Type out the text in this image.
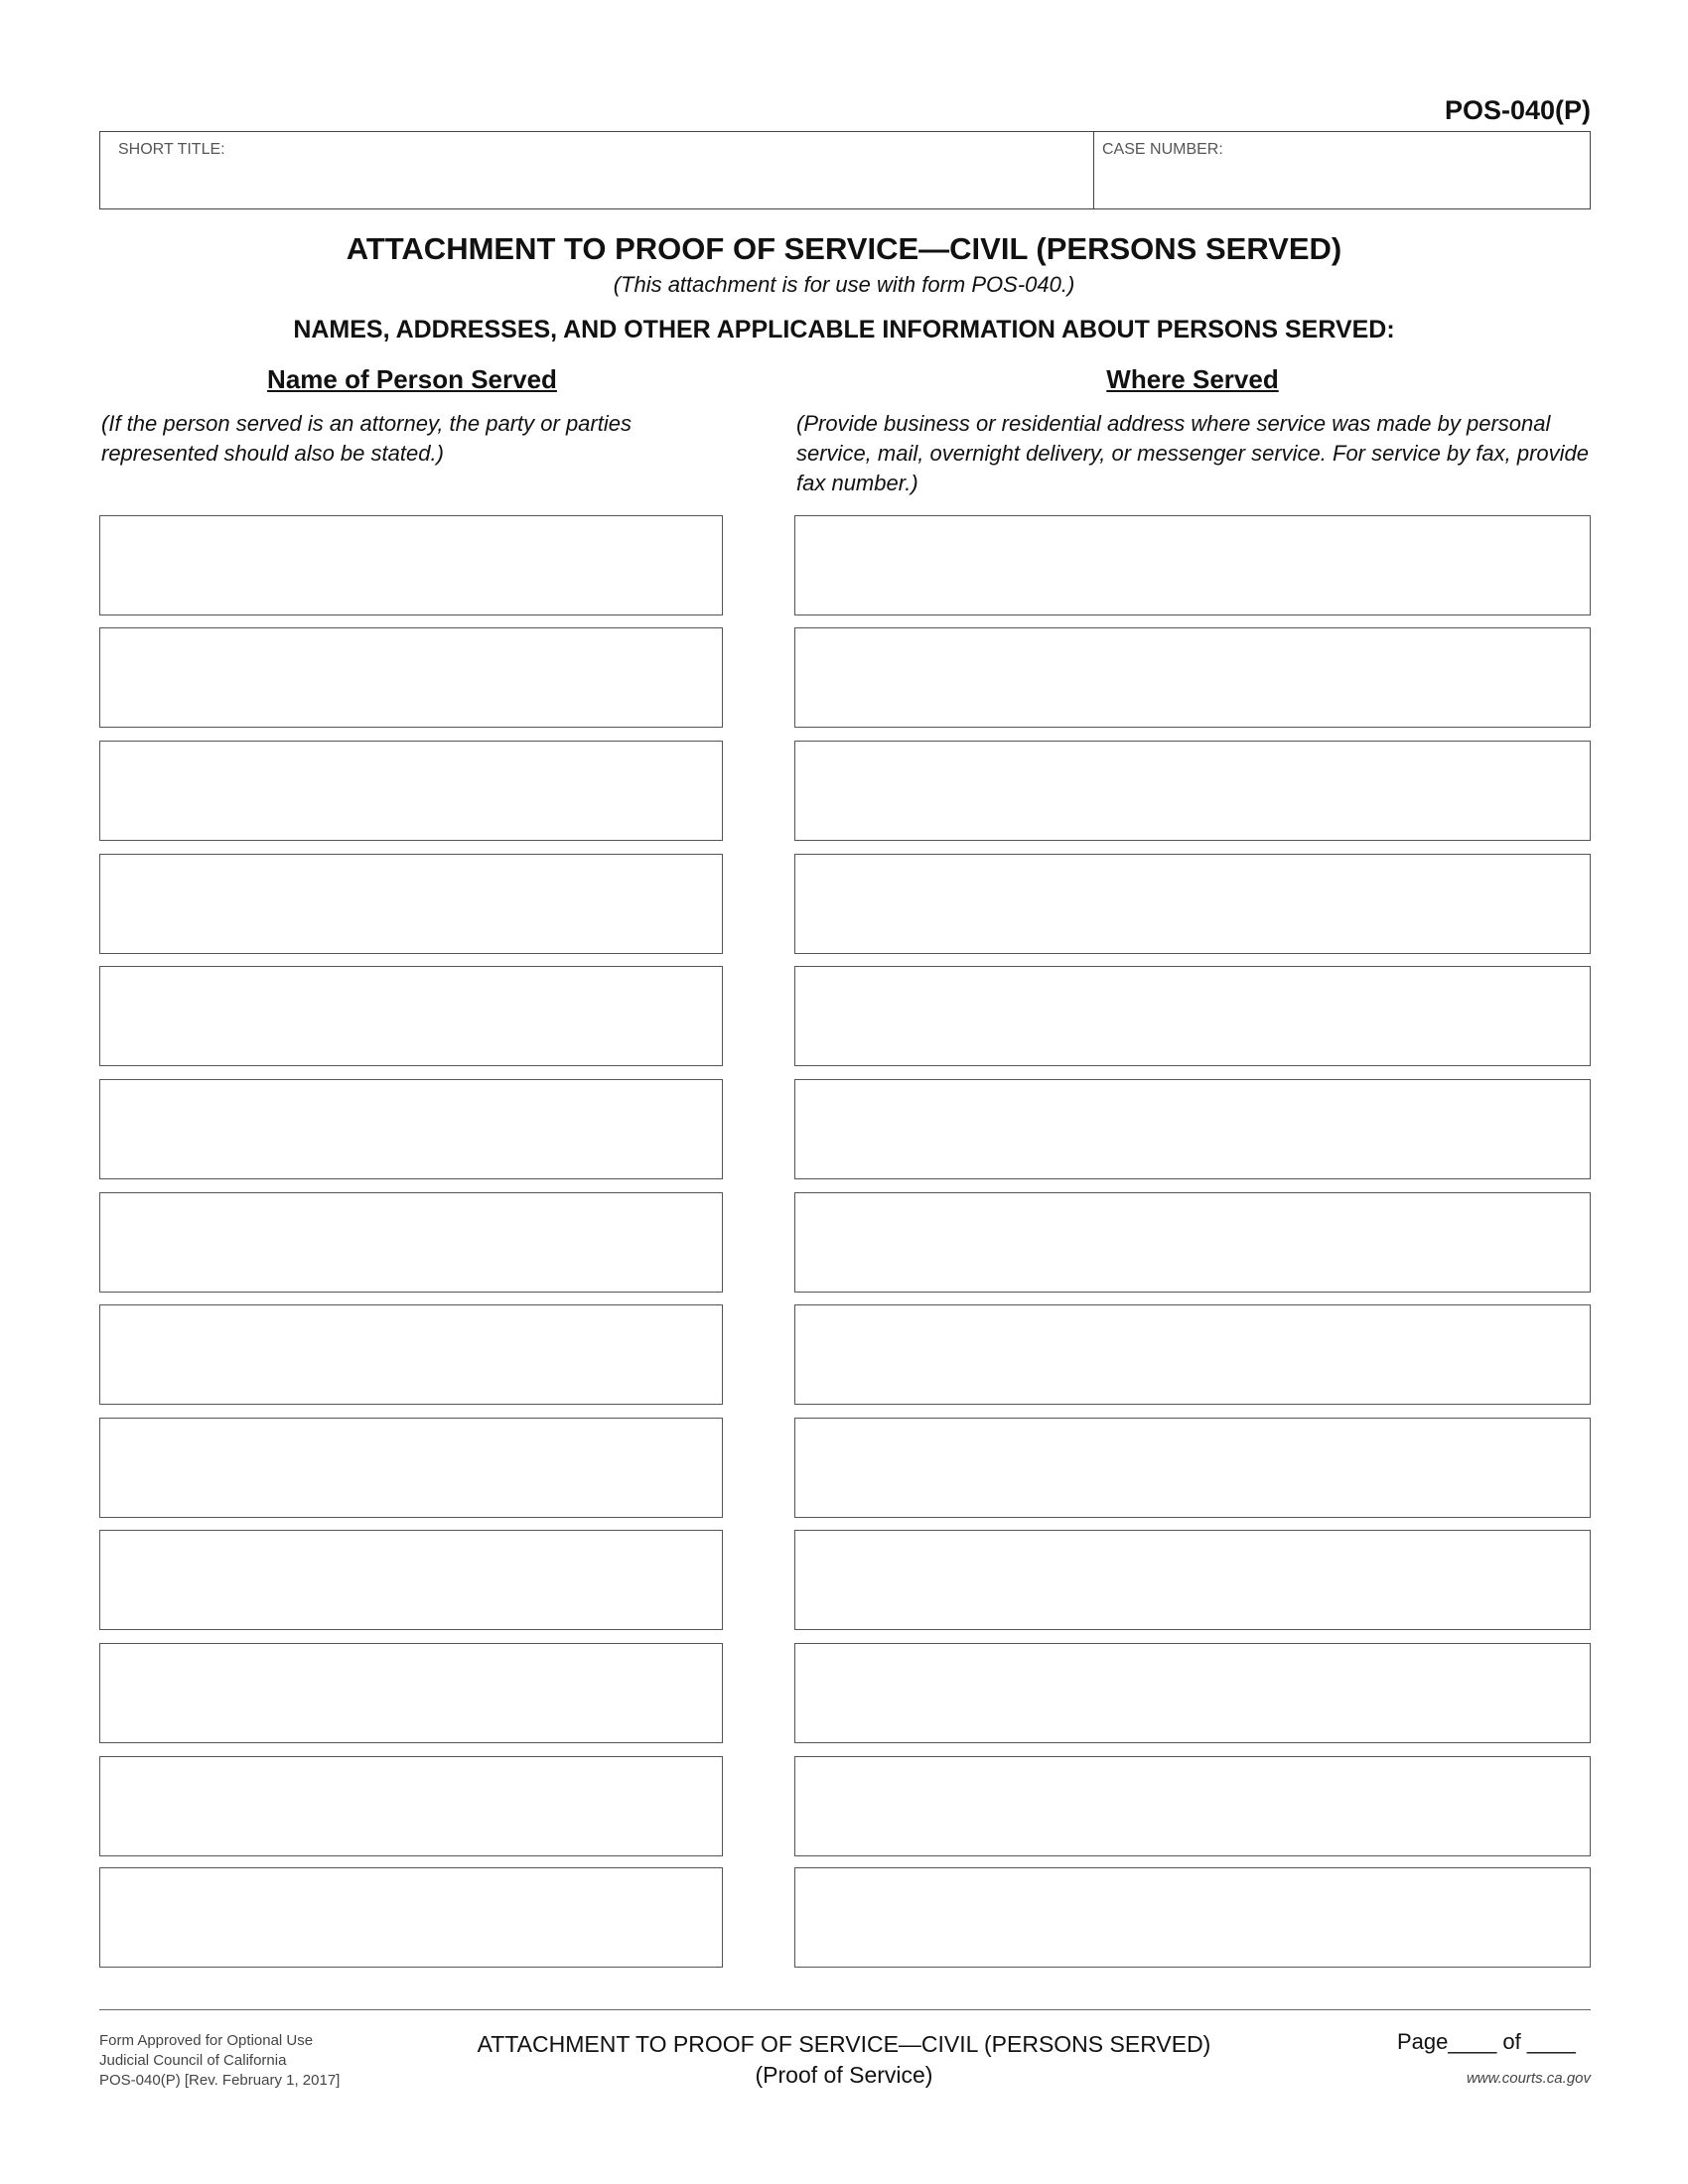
POS-040(P)
SHORT TITLE:	CASE NUMBER:
ATTACHMENT TO PROOF OF SERVICE—CIVIL (PERSONS SERVED)
(This attachment is for use with form POS-040.)
NAMES, ADDRESSES, AND OTHER APPLICABLE INFORMATION ABOUT PERSONS SERVED:
Name of Person Served	Where Served
(If the person served is an attorney, the party or parties represented should also be stated.)
(Provide business or residential address where service was made by personal service, mail, overnight delivery, or messenger service. For service by fax, provide fax number.)
Form Approved for Optional Use
Judicial Council of California
POS-040(P) [Rev. February 1, 2017]
ATTACHMENT TO PROOF OF SERVICE—CIVIL (PERSONS SERVED)
(Proof of Service)
Page____ of ____
www.courts.ca.gov
